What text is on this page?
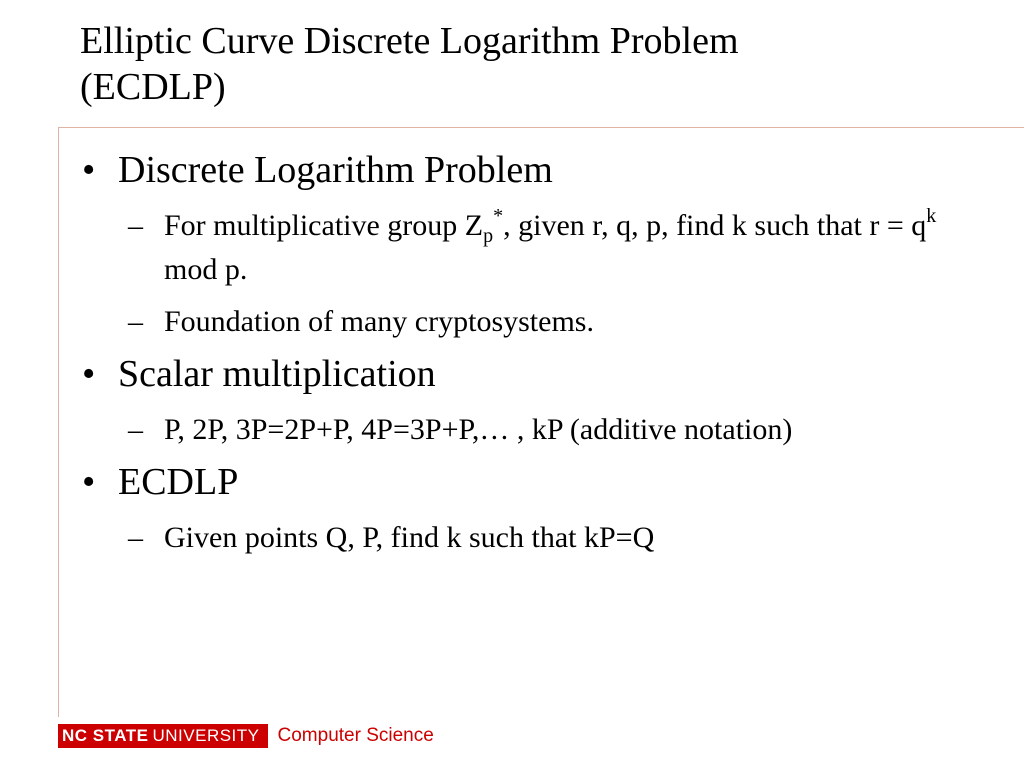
Elliptic Curve Discrete Logarithm Problem
(ECDLP)
• Discrete Logarithm Problem
– For multiplicative group $Z_p^*$, given r, q, p, find k such that $r = q^k$ mod p.
– Foundation of many cryptosystems.
• Scalar multiplication
– P, 2P, 3P=2P+P, 4P=3P+P,… , kP (additive notation)
• ECDLP
– Given points Q, P, find k such that kP=Q
NC STATE UNIVERSITY Computer Science
